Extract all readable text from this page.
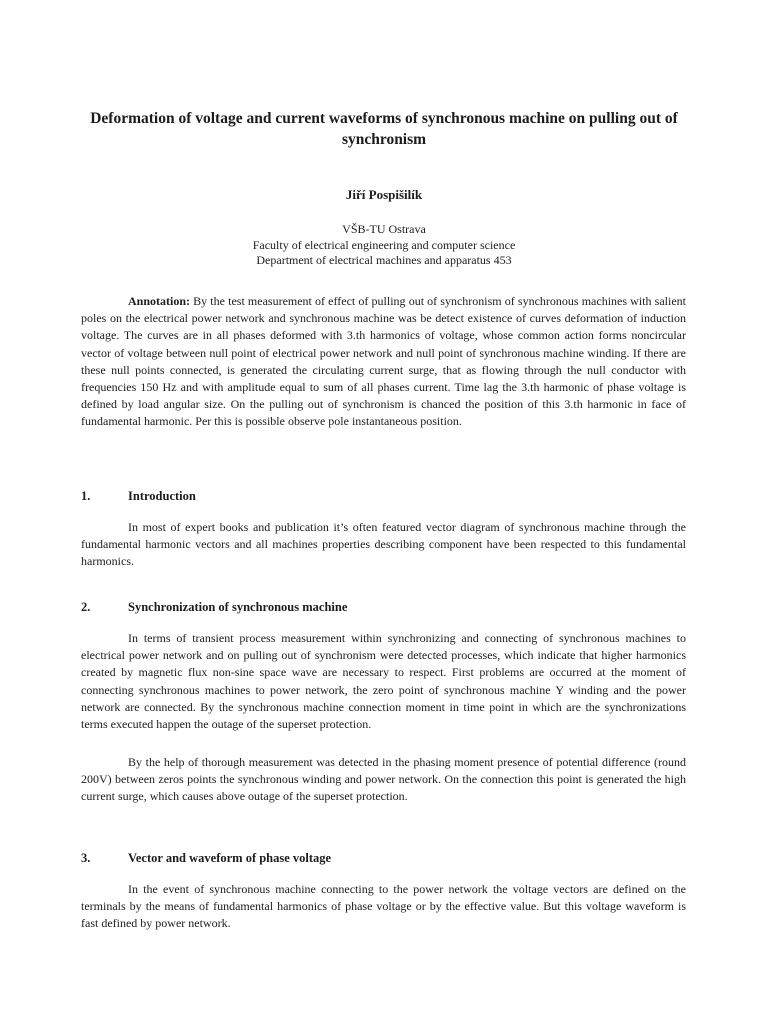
Deformation of voltage and current waveforms of synchronous machine on pulling out of synchronism
Jiří Pospišilík
VŠB-TU Ostrava
Faculty of electrical engineering and computer science
Department of electrical machines and apparatus 453
Annotation: By the test measurement of effect of pulling out of synchronism of synchronous machines with salient poles on the electrical power network and synchronous machine was be detect existence of curves deformation of induction voltage. The curves are in all phases deformed with 3.th harmonics of voltage, whose common action forms noncircular vector of voltage between null point of electrical power network and null point of synchronous machine winding. If there are these null points connected, is generated the circulating current surge, that as flowing through the null conductor with frequencies 150 Hz and with amplitude equal to sum of all phases current. Time lag the 3.th harmonic of phase voltage is defined by load angular size. On the pulling out of synchronism is chanced the position of this 3.th harmonic in face of fundamental harmonic. Per this is possible observe pole instantaneous position.
1.	Introduction
In most of expert books and publication it’s often featured vector diagram of synchronous machine through the fundamental harmonic vectors and all machines properties describing component have been respected to this fundamental harmonics.
2.	Synchronization of synchronous machine
In terms of transient process measurement within synchronizing and connecting of synchronous machines to electrical power network and on pulling out of synchronism were detected processes, which indicate that higher harmonics created by magnetic flux non-sine space wave are necessary to respect. First problems are occurred at the moment of connecting synchronous machines to power network, the zero point of synchronous machine Y winding and the power network are connected. By the synchronous machine connection moment in time point in which are the synchronizations terms executed happen the outage of the superset protection.
By the help of thorough measurement was detected in the phasing moment presence of potential difference (round 200V) between zeros points the synchronous winding and power network. On the connection this point is generated the high current surge, which causes above outage of the superset protection.
3.	Vector and waveform of phase voltage
In the event of synchronous machine connecting to the power network the voltage vectors are defined on the terminals by the means of fundamental harmonics of phase voltage or by the effective value. But this voltage waveform is fast defined by power network.
